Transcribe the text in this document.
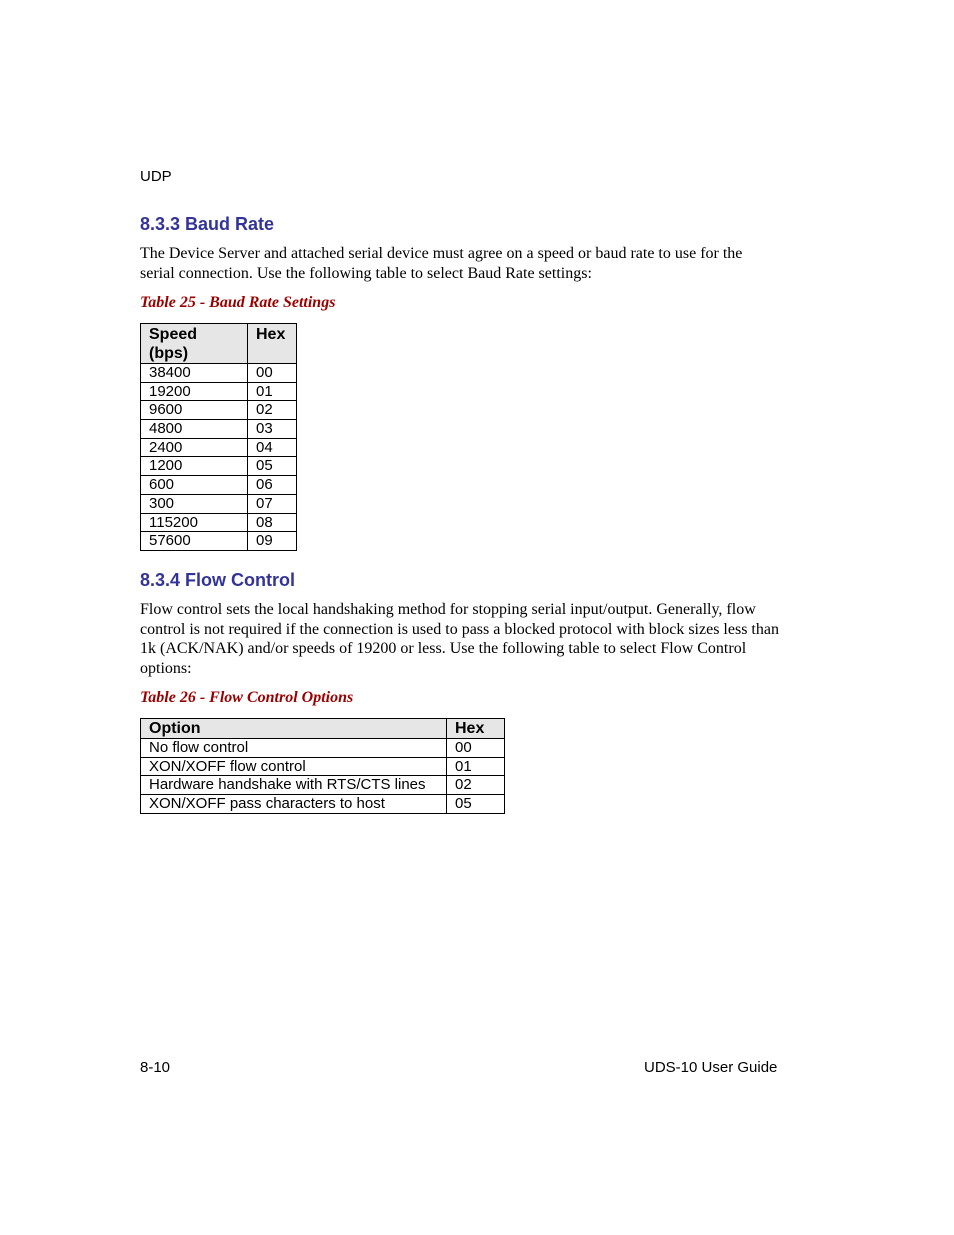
UDP
8.3.3 Baud Rate
The Device Server and attached serial device must agree on a speed or baud rate to use for the serial connection. Use the following table to select Baud Rate settings:
Table 25 - Baud Rate Settings
Speed (bps)	Hex
38400	00
19200	01
9600	02
4800	03
2400	04
1200	05
600	06
300	07
115200	08
57600	09
8.3.4 Flow Control
Flow control sets the local handshaking method for stopping serial input/output. Generally, flow control is not required if the connection is used to pass a blocked protocol with block sizes less than 1k (ACK/NAK) and/or speeds of 19200 or less. Use the following table to select Flow Control options:
Table 26 - Flow Control Options
Option	Hex
No flow control	00
XON/XOFF flow control	01
Hardware handshake with RTS/CTS lines	02
XON/XOFF pass characters to host	05
8-10	UDS-10 User Guide
